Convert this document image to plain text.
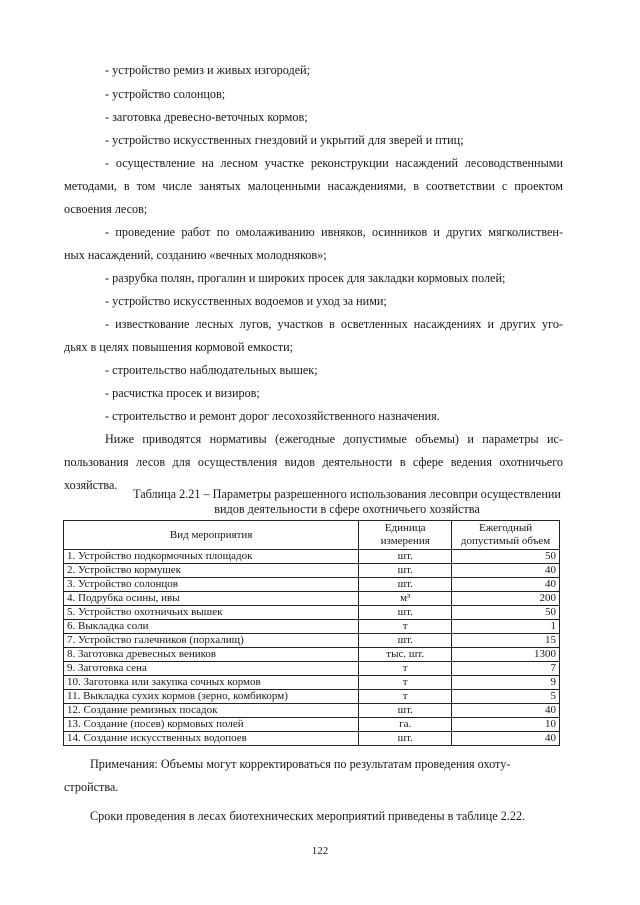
- устройство ремиз и живых изгородей;
- устройство солонцов;
- заготовка древесно-веточных кормов;
- устройство искусственных гнездовий и укрытий для зверей и птиц;
- осуществление на лесном участке реконструкции насаждений лесоводственными
методами, в том числе занятых малоценными насаждениями, в соответствии с проектом
освоения лесов;
- проведение работ по омолаживанию ивняков, осинников и других мягколиствен-
ных насаждений, созданию «вечных молодняков»;
- разрубка полян, прогалин и широких просек для закладки кормовых полей;
- устройство искусственных водоемов и уход за ними;
- известкование лесных лугов, участков в осветленных насаждениях и других уго-
дьях в целях повышения кормовой емкости;
- строительство наблюдательных вышек;
- расчистка просек и визиров;
- строительство и ремонт дорог лесохозяйственного назначения.
Ниже приводятся нормативы (ежегодные допустимые объемы) и параметры ис-
пользования лесов для осуществления видов деятельности в сфере ведения охотничьего
хозяйства.
Таблица 2.21 – Параметры разрешенного использования лесовпри осуществлении
видов деятельности в сфере охотничьего хозяйства
Вид мероприятия	Единица измерения	Ежегодный допустимый объем
1. Устройство подкормочных площадок	шт.	50
2. Устройство кормушек	шт.	40
3. Устройство солонцов	шт.	40
4. Подрубка осины, ивы	м³	200
5. Устройство охотничьих вышек	шт.	50
6. Выкладка соли	т	1
7. Устройство галечников (порхалищ)	шт.	15
8. Заготовка древесных веников	тыс. шт.	1300
9. Заготовка сена	т	7
10. Заготовка или закупка сочных кормов	т	9
11. Выкладка сухих кормов (зерно, комбикорм)	т	5
12. Создание ремизных посадок	шт.	40
13. Создание (посев) кормовых полей	га.	10
14. Создание искусственных водопоев	шт.	40
Примечания: Объемы могут корректироваться по результатам проведения охоту-
стройства.
Сроки проведения в лесах биотехнических мероприятий приведены в таблице 2.22.
122
